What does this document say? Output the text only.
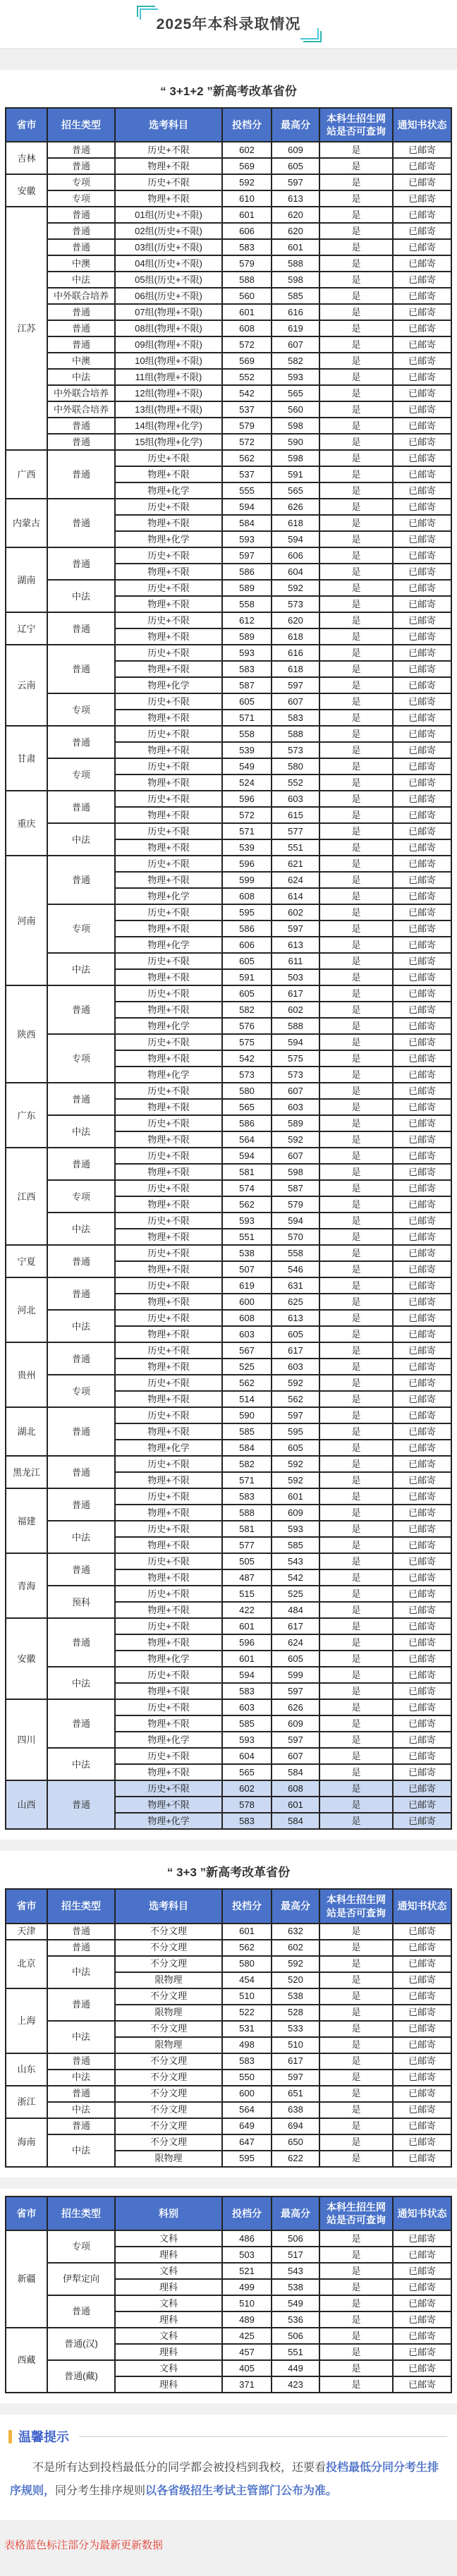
2025年本科录取情况
“ 3+1+2 ”新高考改革省份
省市	招生类型	选考科目	投档分	最高分	本科生招生网站是否可查询	通知书状态
吉林	普通	历史+不限	602	609	是	已邮寄
	普通	物理+不限	569	605	是	已邮寄
安徽	专项	历史+不限	592	597	是	已邮寄
	专项	物理+不限	610	613	是	已邮寄
江苏	普通	01组(历史+不限)	601	620	是	已邮寄
	普通	02组(历史+不限)	606	620	是	已邮寄
	普通	03组(历史+不限)	583	601	是	已邮寄
	中澳	04组(历史+不限)	579	588	是	已邮寄
	中法	05组(历史+不限)	588	598	是	已邮寄
	中外联合培养	06组(历史+不限)	560	585	是	已邮寄
	普通	07组(物理+不限)	601	616	是	已邮寄
	普通	08组(物理+不限)	608	619	是	已邮寄
	普通	09组(物理+不限)	572	607	是	已邮寄
	中澳	10组(物理+不限)	569	582	是	已邮寄
	中法	11组(物理+不限)	552	593	是	已邮寄
	中外联合培养	12组(物理+不限)	542	565	是	已邮寄
	中外联合培养	13组(物理+不限)	537	560	是	已邮寄
	普通	14组(物理+化学)	579	598	是	已邮寄
	普通	15组(物理+化学)	572	590	是	已邮寄
广西	普通	历史+不限	562	598	是	已邮寄
		物理+不限	537	591	是	已邮寄
		物理+化学	555	565	是	已邮寄
内蒙古	普通	历史+不限	594	626	是	已邮寄
		物理+不限	584	618	是	已邮寄
		物理+化学	593	594	是	已邮寄
湖南	普通	历史+不限	597	606	是	已邮寄
		物理+不限	586	604	是	已邮寄
	中法	历史+不限	589	592	是	已邮寄
		物理+不限	558	573	是	已邮寄
辽宁	普通	历史+不限	612	620	是	已邮寄
		物理+不限	589	618	是	已邮寄
云南	普通	历史+不限	593	616	是	已邮寄
		物理+不限	583	618	是	已邮寄
		物理+化学	587	597	是	已邮寄
	专项	历史+不限	605	607	是	已邮寄
		物理+不限	571	583	是	已邮寄
甘肃	普通	历史+不限	558	588	是	已邮寄
		物理+不限	539	573	是	已邮寄
	专项	历史+不限	549	580	是	已邮寄
		物理+不限	524	552	是	已邮寄
重庆	普通	历史+不限	596	603	是	已邮寄
		物理+不限	572	615	是	已邮寄
	中法	历史+不限	571	577	是	已邮寄
		物理+不限	539	551	是	已邮寄
河南	普通	历史+不限	596	621	是	已邮寄
		物理+不限	599	624	是	已邮寄
		物理+化学	608	614	是	已邮寄
	专项	历史+不限	595	602	是	已邮寄
		物理+不限	586	597	是	已邮寄
		物理+化学	606	613	是	已邮寄
	中法	历史+不限	605	611	是	已邮寄
		物理+不限	591	503	是	已邮寄
陕西	普通	历史+不限	605	617	是	已邮寄
		物理+不限	582	602	是	已邮寄
		物理+化学	576	588	是	已邮寄
	专项	历史+不限	575	594	是	已邮寄
		物理+不限	542	575	是	已邮寄
		物理+化学	573	573	是	已邮寄
广东	普通	历史+不限	580	607	是	已邮寄
		物理+不限	565	603	是	已邮寄
	中法	历史+不限	586	589	是	已邮寄
		物理+不限	564	592	是	已邮寄
江西	普通	历史+不限	594	607	是	已邮寄
		物理+不限	581	598	是	已邮寄
	专项	历史+不限	574	587	是	已邮寄
		物理+不限	562	579	是	已邮寄
	中法	历史+不限	593	594	是	已邮寄
		物理+不限	551	570	是	已邮寄
宁夏	普通	历史+不限	538	558	是	已邮寄
		物理+不限	507	546	是	已邮寄
河北	普通	历史+不限	619	631	是	已邮寄
		物理+不限	600	625	是	已邮寄
	中法	历史+不限	608	613	是	已邮寄
		物理+不限	603	605	是	已邮寄
贵州	普通	历史+不限	567	617	是	已邮寄
		物理+不限	525	603	是	已邮寄
	专项	历史+不限	562	592	是	已邮寄
		物理+不限	514	562	是	已邮寄
湖北	普通	历史+不限	590	597	是	已邮寄
		物理+不限	585	595	是	已邮寄
		物理+化学	584	605	是	已邮寄
黑龙江	普通	历史+不限	582	592	是	已邮寄
		物理+不限	571	592	是	已邮寄
福建	普通	历史+不限	583	601	是	已邮寄
		物理+不限	588	609	是	已邮寄
	中法	历史+不限	581	593	是	已邮寄
		物理+不限	577	585	是	已邮寄
青海	普通	历史+不限	505	543	是	已邮寄
		物理+不限	487	542	是	已邮寄
	预科	历史+不限	515	525	是	已邮寄
		物理+不限	422	484	是	已邮寄
安徽	普通	历史+不限	601	617	是	已邮寄
		物理+不限	596	624	是	已邮寄
		物理+化学	601	605	是	已邮寄
	中法	历史+不限	594	599	是	已邮寄
		物理+不限	583	597	是	已邮寄
四川	普通	历史+不限	603	626	是	已邮寄
		物理+不限	585	609	是	已邮寄
		物理+化学	593	597	是	已邮寄
	中法	历史+不限	604	607	是	已邮寄
		物理+不限	565	584	是	已邮寄
山西	普通	历史+不限	602	608	是	已邮寄
		物理+不限	578	601	是	已邮寄
		物理+化学	583	584	是	已邮寄
“ 3+3 ”新高考改革省份
省市	招生类型	选考科目	投档分	最高分	本科生招生网站是否可查询	通知书状态
天津	普通	不分文理	601	632	是	已邮寄
北京	普通	不分文理	562	602	是	已邮寄
	中法	不分文理	580	592	是	已邮寄
		限物理	454	520	是	已邮寄
上海	普通	不分文理	510	538	是	已邮寄
		限物理	522	528	是	已邮寄
	中法	不分文理	531	533	是	已邮寄
		限物理	498	510	是	已邮寄
山东	普通	不分文理	583	617	是	已邮寄
	中法	不分文理	550	597	是	已邮寄
浙江	普通	不分文理	600	651	是	已邮寄
	中法	不分文理	564	638	是	已邮寄
海南	普通	不分文理	649	694	是	已邮寄
	中法	不分文理	647	650	是	已邮寄
		限物理	595	622	是	已邮寄
省市	招生类型	科别	投档分	最高分	本科生招生网站是否可查询	通知书状态
新疆	专项	文科	486	506	是	已邮寄
		理科	503	517	是	已邮寄
	伊犁定向	文科	521	543	是	已邮寄
		理科	499	538	是	已邮寄
	普通	文科	510	549	是	已邮寄
		理科	489	536	是	已邮寄
西藏	普通(汉)	文科	425	506	是	已邮寄
		理科	457	551	是	已邮寄
	普通(藏)	文科	405	449	是	已邮寄
		理科	371	423	是	已邮寄
温馨提示

不是所有达到投档最低分的同学都会被投档到我校，还要看投档最低分同分考生排序规则，同分考生排序规则以各省级招生考试主管部门公布为准。

表格蓝色标注部分为最新更新数据
